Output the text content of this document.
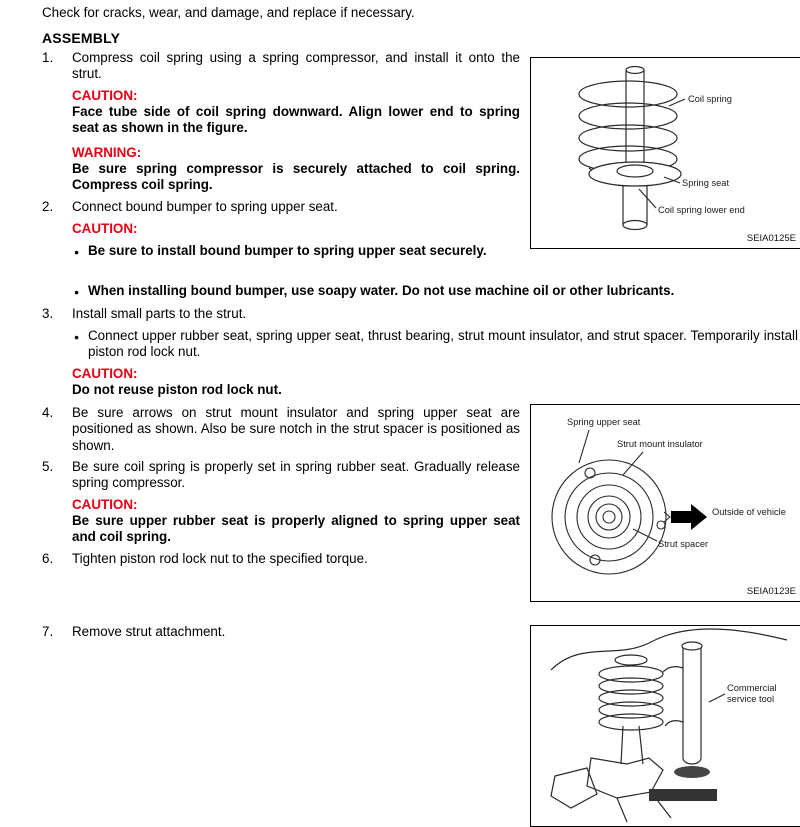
Check for cracks, wear, and damage, and replace if necessary.
ASSEMBLY
1. Compress coil spring using a spring compressor, and install it onto the strut.
CAUTION:
Face tube side of coil spring downward. Align lower end to spring seat as shown in the figure.
WARNING:
Be sure spring compressor is securely attached to coil spring. Compress coil spring.
2. Connect bound bumper to spring upper seat.
CAUTION:
● Be sure to install bound bumper to spring upper seat securely.
● When installing bound bumper, use soapy water. Do not use machine oil or other lubricants.
3. Install small parts to the strut.
● Connect upper rubber seat, spring upper seat, thrust bearing, strut mount insulator, and strut spacer. Temporarily install piston rod lock nut.
CAUTION:
Do not reuse piston rod lock nut.
4. Be sure arrows on strut mount insulator and spring upper seat are positioned as shown. Also be sure notch in the strut spacer is positioned as shown.
5. Be sure coil spring is properly set in spring rubber seat. Gradually release spring compressor.
CAUTION:
Be sure upper rubber seat is properly aligned to spring upper seat and coil spring.
6. Tighten piston rod lock nut to the specified torque.
7. Remove strut attachment.
Coil spring
Spring seat
Coil spring lower end
SEIA0125E
Spring upper seat
Strut mount insulator
Outside of vehicle
Strut spacer
SEIA0123E
Commercial service tool
